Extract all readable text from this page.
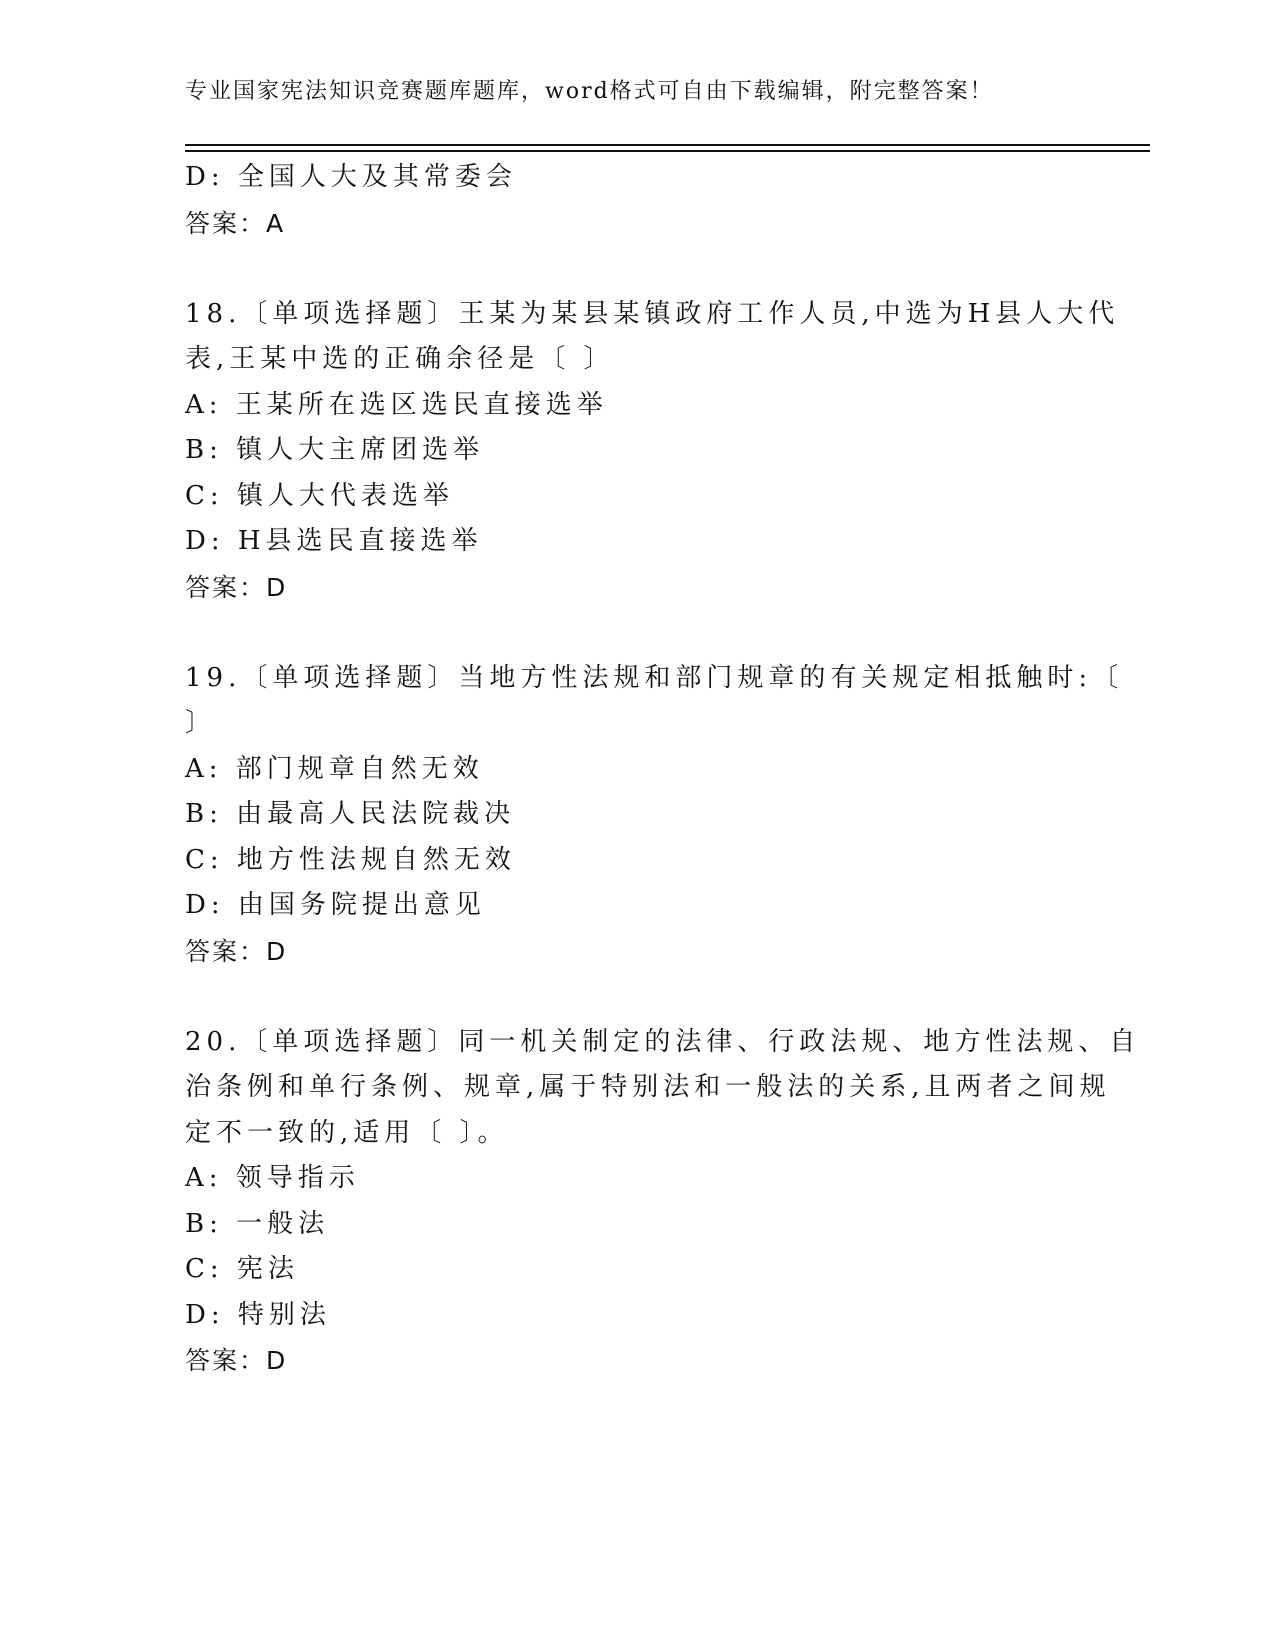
专业国家宪法知识竞赛题库题库，word格式可自由下载编辑，附完整答案！
D: 全国人大及其常委会
答案：A
18.〔单项选择题〕王某为某县某镇政府工作人员,中选为H县人大代
表,王某中选的正确余径是〔 〕
A: 王某所在选区选民直接选举
B: 镇人大主席团选举
C: 镇人大代表选举
D: H县选民直接选举
答案：D
19.〔单项选择题〕当地方性法规和部门规章的有关规定相抵触时:〔
〕
A: 部门规章自然无效
B: 由最高人民法院裁决
C: 地方性法规自然无效
D: 由国务院提出意见
答案：D
20.〔单项选择题〕同一机关制定的法律、行政法规、地方性法规、自
治条例和单行条例、规章,属于特别法和一般法的关系,且两者之间规
定不一致的,适用〔 〕。
A: 领导指示
B: 一般法
C: 宪法
D: 特别法
答案：D
